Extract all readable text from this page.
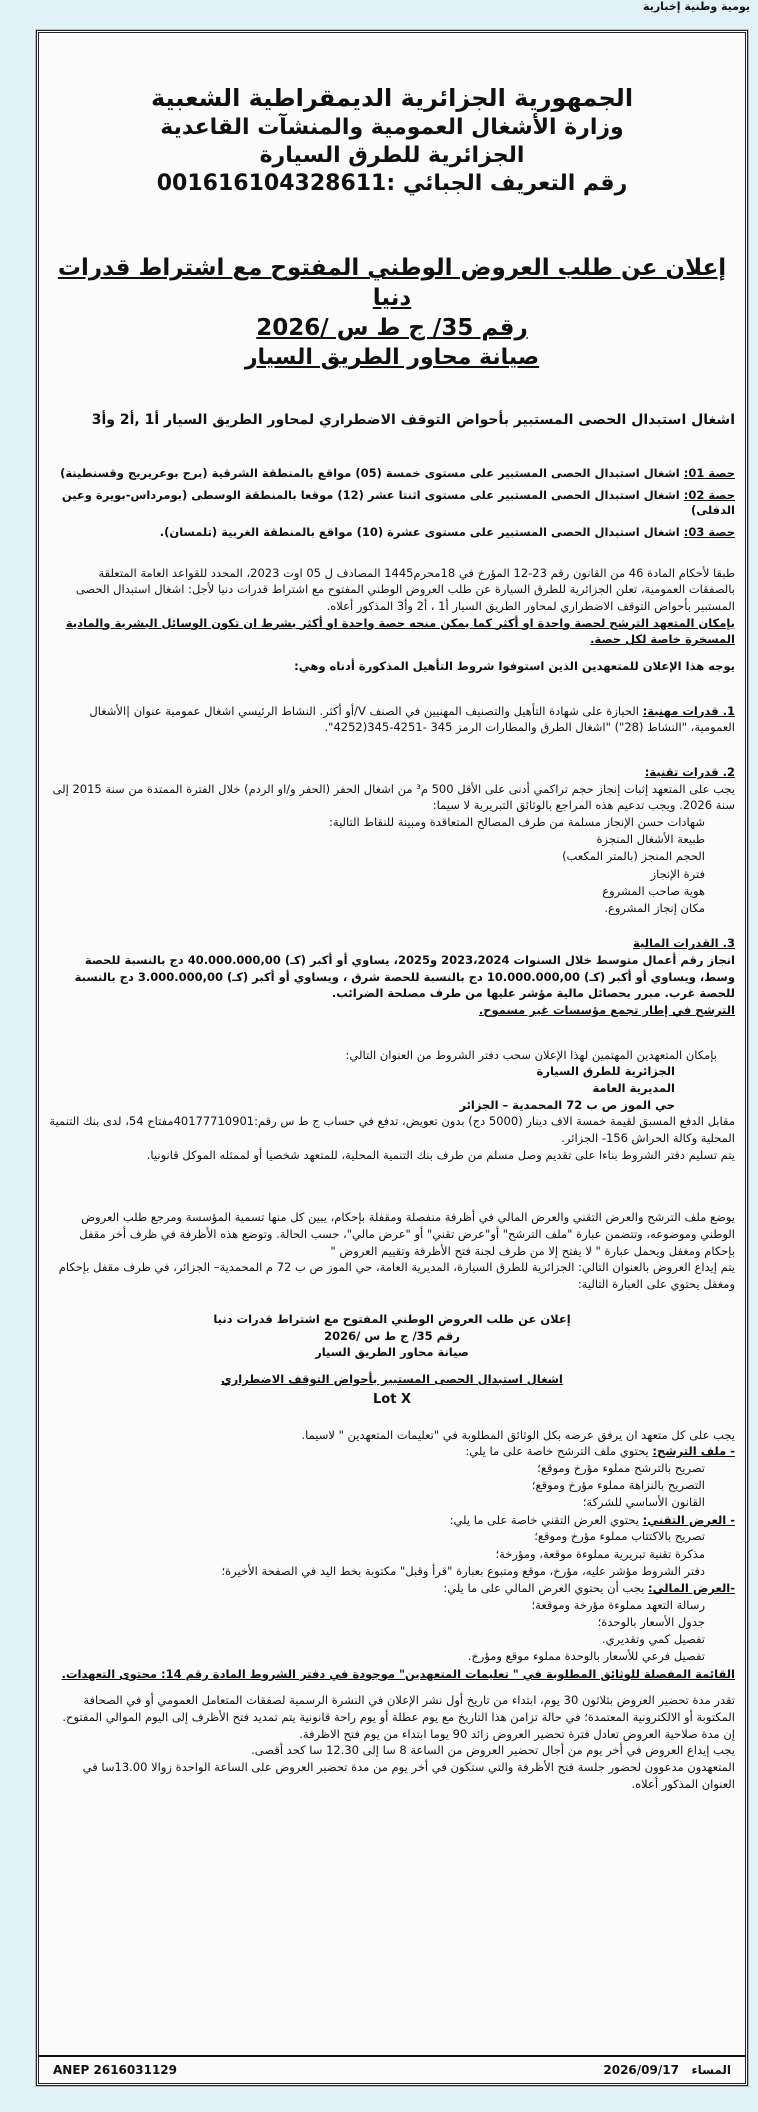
يومية وطنية إخبارية
الجمهورية الجزائرية الديمقراطية الشعبية
وزارة الأشغال العمومية والمنشآت القاعدية
الجزائرية للطرق السيارة
رقم التعريف الجبائي :001616104328611
إعلان عن طلب العروض الوطني المفتوح مع اشتراط قدرات دنيا
رقم 35/ ج ط س /2026
صيانة محاور الطريق السيار
اشغال استبدال الحصى المستبير بأحواض التوقف الاضطراري لمحاور الطريق السيار أ1 ,أ2 وأ3
حصة 01: اشغال استبدال الحصى المستبير على مستوى خمسة (05) مواقع بالمنطقة الشرقية (برج بوعريريج وقسنطينة)
حصة 02: اشغال استبدال الحصى المستبير على مستوى اثنتا عشر (12) موقعا بالمنطقة الوسطى (بومرداس-بويرة وعين الدفلى)
حصة 03: اشغال استبدال الحصى المستبير على مستوى عشرة (10) مواقع بالمنطقة الغربية (تلمسان).

طبقا لأحكام المادة 46 من القانون رقم 23-12 المؤرخ في 18محرم1445 المصادف ل 05 اوت 2023، المحدد للقواعد العامة المتعلقة بالصفقات العمومية، تعلن الجزائرية للطرق السيارة عن طلب العروض الوطني المفتوح مع اشتراط قدرات دنيا لأجل: اشغال استبدال الحصى المستبير بأحواض التوقف الاضطراري لمحاور الطريق السيار أ1 ، أ2 وأ3 المذكور أعلاه.

بإمكان المتعهد الترشح لحصة واحدة او أكثر كما يمكن منحه حصة واحدة او أكثر بشرط ان تكون الوسائل البشرية والمادية المسخرة خاصة لكل حصة.

يوجه هذا الإعلان للمتعهدين الذين استوفوا شروط التأهيل المذكورة أدناه وهي:

1. قدرات مهنية: الحيازة على شهادة التأهيل والتصنيف المهنيين في الصنف V/أو أكثر. النشاط الرئيسي اشغال عمومية عنوان |الأشغال العمومية، "النشاط (28") "اشغال الطرق والمطارات الرمز 345 -4251-345(4252".

2. قدرات تقنية:

يجب على المتعهد إثبات إنجاز حجم تراكمي أدنى على الأقل 500 م³ من اشغال الحفر (الحفر و/او الردم) خلال الفترة الممتدة من سنة 2015 إلى سنة 2026. ويجب تدعيم هذه المراجع بالوثائق التبريرية لا سيما:

شهادات حسن الإنجاز مسلمة من طرف المصالح المتعاقدة ومبينة للنقاط التالية:
طبيعة الأشغال المنجزة
الحجم المنجز (بالمتر المكعب)
فترة الإنجاز
هوية صاحب المشروع
مكان إنجاز المشروع.

3. القدرات المالية

انجاز رقم أعمال متوسط خلال السنوات 2023،2024 و2025، يساوي أو أكبر (كـ) 40.000.000,00 دج بالنسبة للحصة وسط، ويساوي أو أكبر (كـ) 10.000.000,00 دج بالنسبة للحصة شرق ، ويساوي أو أكبر (كـ) 3.000.000,00 دج بالنسبة للحصة غرب. مبرر بحصائل مالية مؤشر عليها من طرف مصلحة الضرائب.

الترشح في إطار تجمع مؤسسات غير مسموح.

بإمكان المتعهدين المهتمين لهذا الإعلان سحب دفتر الشروط من العنوان التالي:

الجزائرية للطرق السيارة

المديرية العامة

حي الموز ص ب 72 المحمدية – الجزائر

مقابل الدفع المسبق لقيمة خمسة الاف دينار (5000 دج) بدون تعويض، تدفع في حساب ج ط س رقم:40177710901مفتاح 54، لدى بنك التنمية المحلية وكالة الحراش 156- الجزائر.

يتم تسليم دفتر الشروط بناءا على تقديم وصل مسلم من طرف بنك التنمية المحلية، للمتعهد شخصيا أو لممثله الموكل قانونيا.

يوضع ملف الترشح والعرض التقني والعرض المالي في أظرفة منفصلة ومقفلة بإحكام، يبين كل منها تسمية المؤسسة ومرجع طلب العروض الوطني وموضوعه، وتتضمن عبارة "ملف الترشح" أو"عرض تقني" أو "عرض مالي"، حسب الحالة. وتوضع هذه الأظرفة في ظرف أخر مقفل بإحكام ومغفل ويحمل عبارة " لا يفتح إلا من طرف لجنة فتح الأظرفة وتقييم العروض "

يتم إيداع العروض بالعنوان التالي: الجزائرية للطرق السيارة، المديرية العامة، حي الموز ص ب 72 م المحمدية– الجزائر، في ظرف مقفل بإحكام ومغفل يحتوي على العبارة التالية:

إعلان عن طلب العروض الوطني المفتوح مع اشتراط قدرات دنيا
رقم 35/ ج ط س /2026
صيانة محاور الطريق السيار
اشغال استبدال الحصى المستبير بأحواض التوقف الاضطراري
Lot X

يجب على كل متعهد ان يرفق عرضه بكل الوثائق المطلوبة في "تعليمات المتعهدين " لاسيما.

- ملف الترشح: يحتوي ملف الترشح خاصة على ما يلي:

تصريح بالترشح مملوء مؤرخ وموقع؛
التصريح بالنزاهة مملوء مؤرخ وموقع؛
القانون الأساسي للشركة؛

- العرض التقني: يحتوي العرض التقني خاصة على ما يلي:

تصريح بالاكتتاب مملوء مؤرخ وموقع؛
مذكرة تقنية تبريرية مملوءة موقعة، ومؤرخة؛
دفتر الشروط مؤشر عليه، مؤرخ، موقع ومتبوع بعبارة "قرأ وقبل" مكتوبة بخط اليد في الصفحة الأخيرة؛

-العرض المالي: يجب أن يحتوي العرض المالي على ما يلي:

رسالة التعهد مملوءة مؤرخة وموقعة؛
جدول الأسعار بالوحدة؛
تفصيل كمي وتقديري.
تفصيل فرعي للأسعار بالوحدة مملوء موقع ومؤرخ.

القائمة المفصلة للوثائق المطلوبة في " تعليمات المتعهدين" موجودة في دفتر الشروط المادة رقم 14: محتوى التعهدات.

تقدر مدة تحضير العروض بثلاثون 30 يوم، ابتداء من تاريخ أول نشر الإعلان في النشرة الرسمية لصفقات المتعامل العمومي أو في الصحافة المكتوبة أو الالكترونية المعتمدة؛ في حالة تزامن هذا التاريخ مع يوم عطلة أو يوم راحة قانونية يتم تمديد فتح الأظرف إلى اليوم الموالي المفتوح.

إن مدة صلاحية العروض تعادل فترة تحضير العروض زائد 90 يوما ابتداء من يوم فتح الاظرفة.

يجب إيداع العروض في أخر يوم من أجال تحضير العروض من الساعة 8 سا إلى 12.30 سا كحد أقصى.

المتعهدون مدعوون لحضور جلسة فتح الأظرفة والتي ستكون في أخر يوم من مدة تحضير العروض على الساعة الواحدة زوالا 13.00سا في العنوان المذكور أعلاه.

ANEP 2616031129	المساء   2026/09/17
